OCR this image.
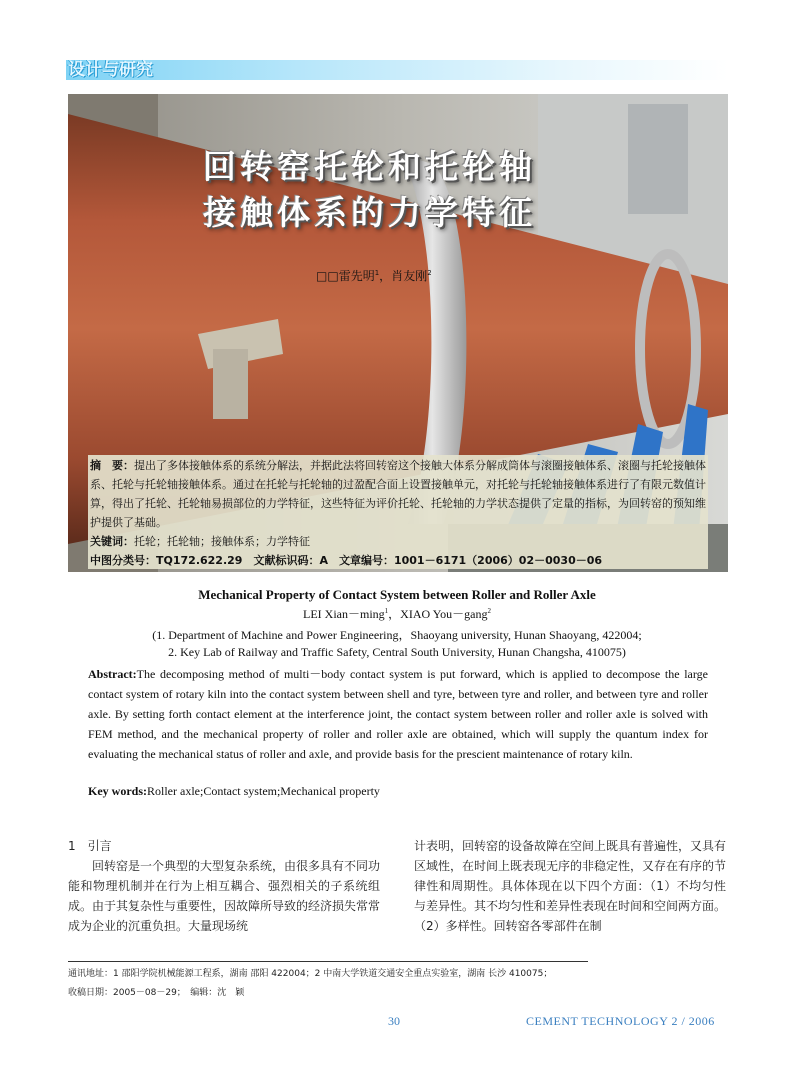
设计与研究
回转窑托轮和托轮轴
接触体系的力学特征
□□雷先明$^1$，肖友刚$^2$
摘　要：提出了多体接触体系的系统分解法，并据此法将回转窑这个接触大体系分解成筒体与滚圈接触体系、滚圈与托轮接触体系、托轮与托轮轴接触体系。通过在托轮与托轮轴的过盈配合面上设置接触单元，对托轮与托轮轴接触体系进行了有限元数值计算，得出了托轮、托轮轴易损部位的力学特征，这些特征为评价托轮、托轮轴的力学状态提供了定量的指标，为回转窑的预知维护提供了基础。
关键词：托轮；托轮轴；接触体系；力学特征
中图分类号：TQ172.622.29　文献标识码：A　文章编号：1001－6171（2006）02－0030－06
Mechanical Property of Contact System between Roller and Roller Axle
LEI Xian－ming$^1$，XIAO You－gang$^2$
(1. Department of Machine and Power Engineering，Shaoyang university, Hunan Shaoyang, 422004;
2. Key Lab of Railway and Traffic Safety, Central South University, Hunan Changsha, 410075)
Abstract:The decomposing method of multi－body contact system is put forward, which is applied to decompose the large contact system of rotary kiln into the contact system between shell and tyre, between tyre and roller, and between tyre and roller axle. By setting forth contact element at the interference joint, the contact system between roller and roller axle is solved with FEM method, and the mechanical property of roller and roller axle are obtained, which will supply the quantum index for evaluating the mechanical status of roller and axle, and provide basis for the prescient maintenance of rotary kiln.
Key words:Roller axle;Contact system;Mechanical property
1　引言
回转窑是一个典型的大型复杂系统，由很多具有不同功能和物理机制并在行为上相互耦合、强烈相关的子系统组成。由于其复杂性与重要性，因故障所导致的经济损失常常成为企业的沉重负担。大量现场统
计表明，回转窑的设备故障在空间上既具有普遍性，又具有区域性，在时间上既表现无序的非稳定性，又存在有序的节律性和周期性。具体体现在以下四个方面：（1）不均匀性与差异性。其不均匀性和差异性表现在时间和空间两方面。（2）多样性。回转窑各零部件在制
通讯地址：1 邵阳学院机械能源工程系，湖南 邵阳 422004；2 中南大学铁道交通安全重点实验室，湖南 长沙 410075；
收稿日期：2005－08－29；　编辑：沈　颖
30	CEMENT TECHNOLOGY 2 / 2006
